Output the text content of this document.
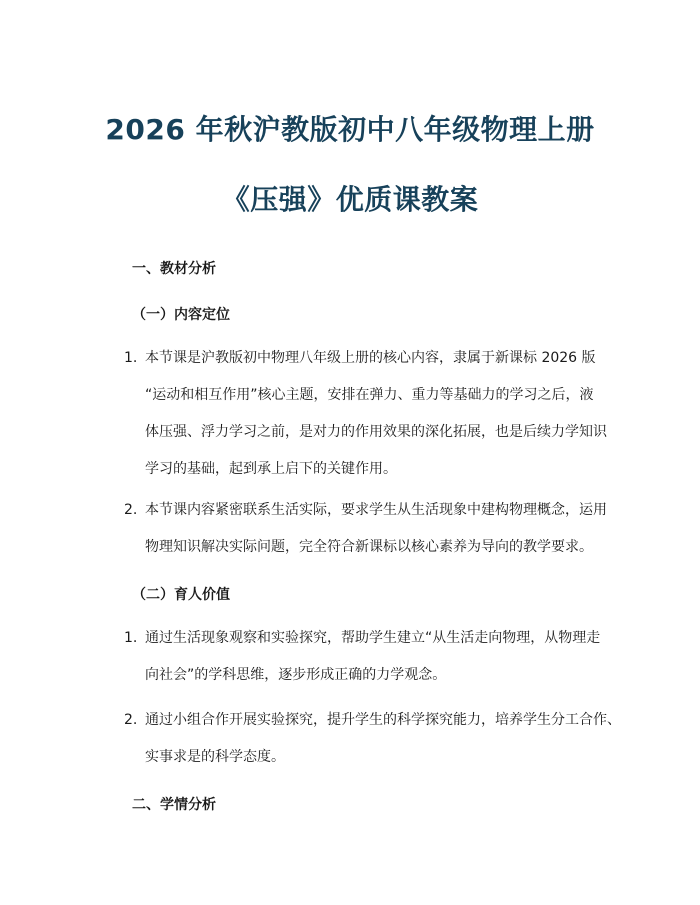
2026 年秋沪教版初中八年级物理上册
《压强》优质课教案
一、教材分析
（一）内容定位
1. 本节课是沪教版初中物理八年级上册的核心内容，隶属于新课标 2026 版
“运动和相互作用”核心主题，安排在弹力、重力等基础力的学习之后，液
体压强、浮力学习之前，是对力的作用效果的深化拓展，也是后续力学知识
学习的基础，起到承上启下的关键作用。
2. 本节课内容紧密联系生活实际，要求学生从生活现象中建构物理概念，运用
物理知识解决实际问题，完全符合新课标以核心素养为导向的教学要求。
（二）育人价值
1. 通过生活现象观察和实验探究，帮助学生建立“从生活走向物理，从物理走
向社会”的学科思维，逐步形成正确的力学观念。
2. 通过小组合作开展实验探究，提升学生的科学探究能力，培养学生分工合作、
实事求是的科学态度。
二、学情分析
